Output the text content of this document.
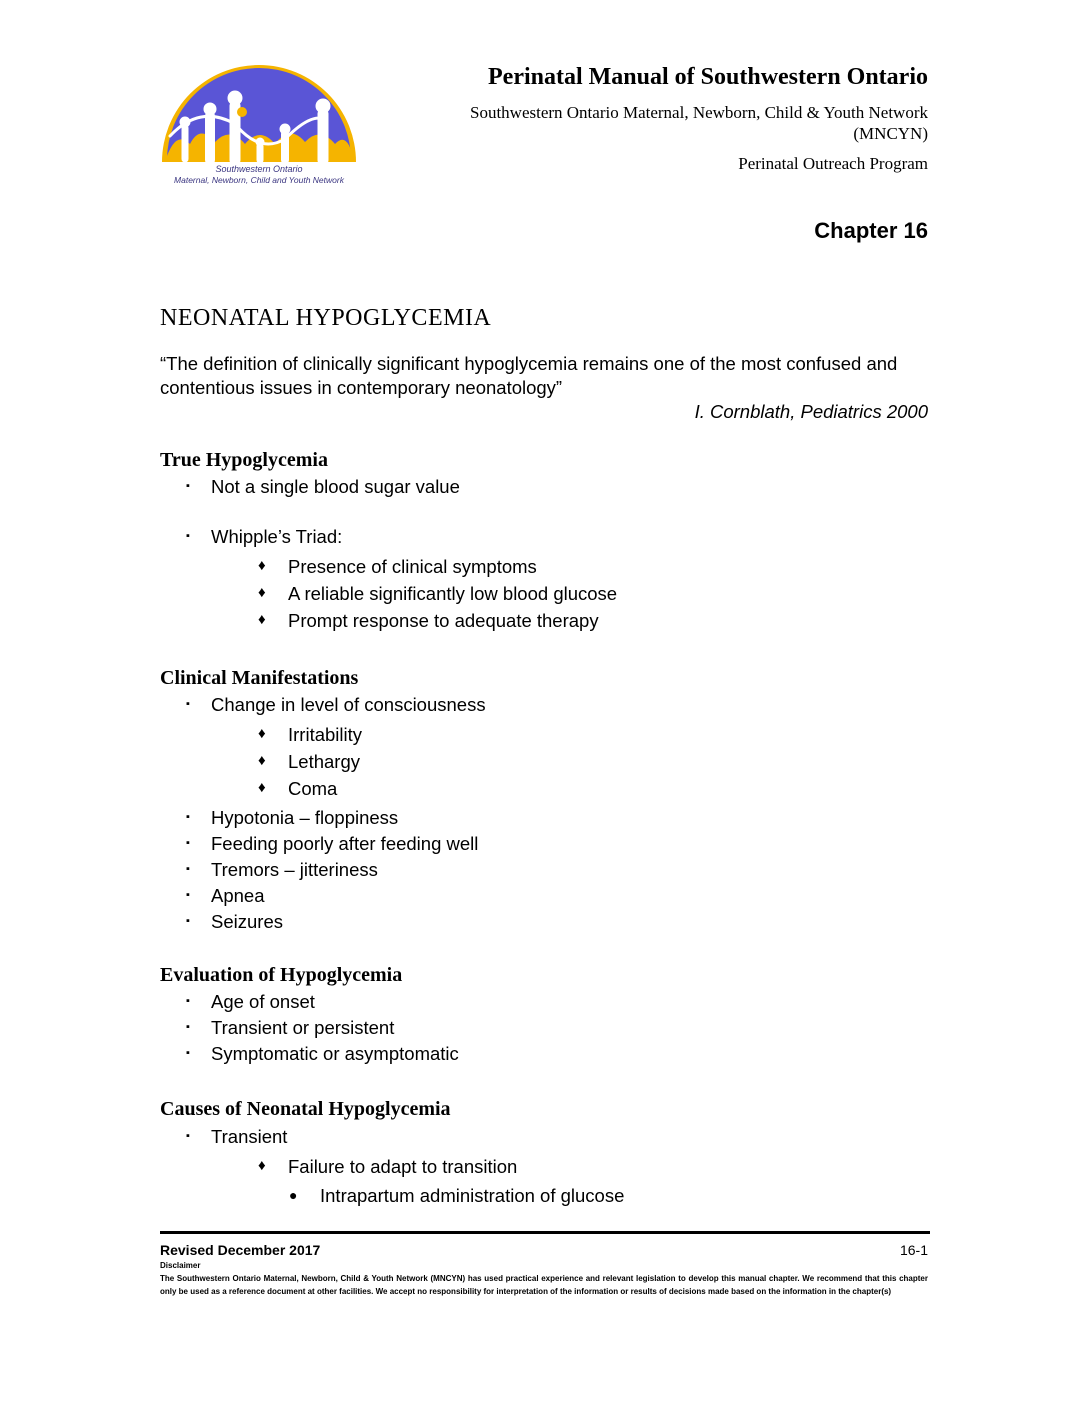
Southwestern Ontario
Maternal, Newborn, Child and Youth Network
Perinatal Manual of Southwestern Ontario
Southwestern Ontario Maternal, Newborn, Child & Youth Network
(MNCYN)
Perinatal Outreach Program
Chapter 16
NEONATAL HYPOGLYCEMIA
“The definition of clinically significant hypoglycemia remains one of the most confused and
contentious issues in contemporary neonatology”
I. Cornblath, Pediatrics 2000
True Hypoglycemia
▪ Not a single blood sugar value
▪ Whipple’s Triad:
♦ Presence of clinical symptoms
♦ A reliable significantly low blood glucose
♦ Prompt response to adequate therapy
Clinical Manifestations
▪ Change in level of consciousness
♦ Irritability
♦ Lethargy
♦ Coma
▪ Hypotonia – floppiness
▪ Feeding poorly after feeding well
▪ Tremors – jitteriness
▪ Apnea
▪ Seizures
Evaluation of Hypoglycemia
▪ Age of onset
▪ Transient or persistent
▪ Symptomatic or asymptomatic
Causes of Neonatal Hypoglycemia
▪ Transient
♦ Failure to adapt to transition
● Intrapartum administration of glucose
Revised December 2017	16-1
Disclaimer
The Southwestern Ontario Maternal, Newborn, Child & Youth Network (MNCYN) has used practical experience and relevant legislation to develop this manual chapter. We recommend that this chapter only be used as a reference document at other facilities. We accept no responsibility for interpretation of the information or results of decisions made based on the information in the chapter(s)
